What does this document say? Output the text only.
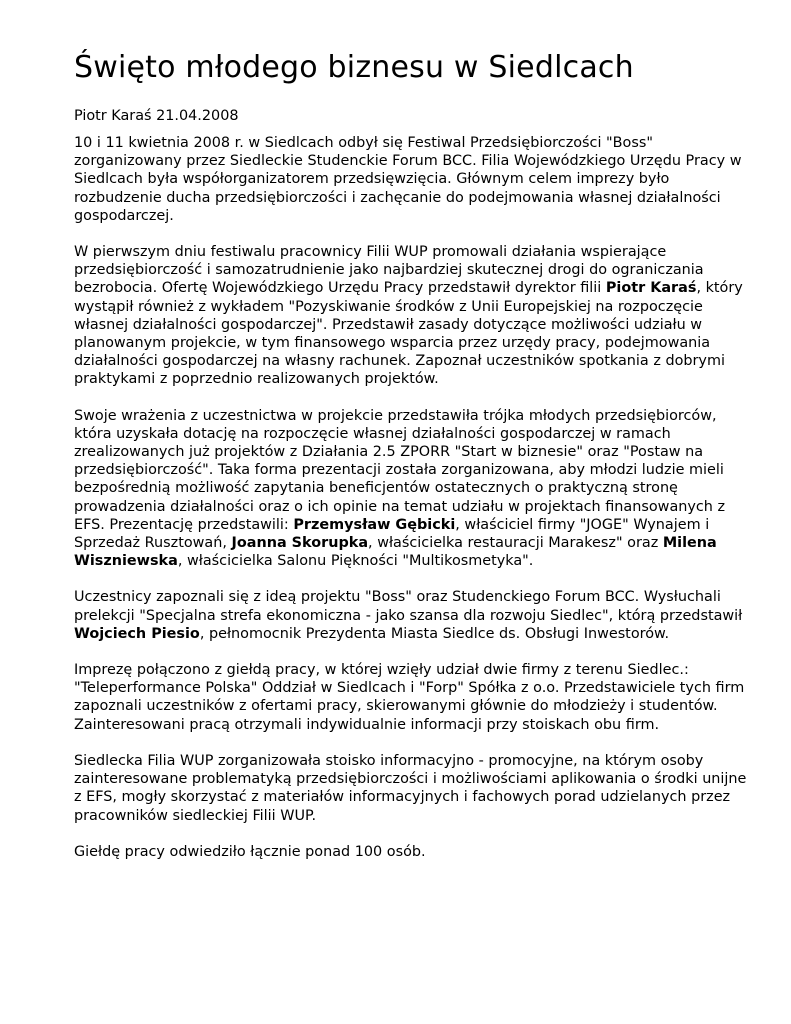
Święto młodego biznesu w Siedlcach
Piotr Karaś 21.04.2008

10 i 11 kwietnia 2008 r. w Siedlcach odbył się Festiwal Przedsiębiorczości "Boss" zorganizowany przez Siedleckie Studenckie Forum BCC. Filia Wojewódzkiego Urzędu Pracy w Siedlcach była współorganizatorem przedsięwzięcia. Głównym celem imprezy było rozbudzenie ducha przedsiębiorczości i zachęcanie do podejmowania własnej działalności gospodarczej.

W pierwszym dniu festiwalu pracownicy Filii WUP promowali działania wspierające przedsiębiorczość i samozatrudnienie jako najbardziej skutecznej drogi do ograniczania bezrobocia. Ofertę Wojewódzkiego Urzędu Pracy przedstawił dyrektor filii Piotr Karaś, który wystąpił również z wykładem "Pozyskiwanie środków z Unii Europejskiej na rozpoczęcie własnej działalności gospodarczej". Przedstawił zasady dotyczące możliwości udziału w planowanym projekcie, w tym finansowego wsparcia przez urzędy pracy, podejmowania działalności gospodarczej na własny rachunek. Zapoznał uczestników spotkania z dobrymi praktykami z poprzednio realizowanych projektów.

Swoje wrażenia z uczestnictwa w projekcie przedstawiła trójka młodych przedsiębiorców, która uzyskała dotację na rozpoczęcie własnej działalności gospodarczej w ramach zrealizowanych już projektów z Działania 2.5 ZPORR "Start w biznesie" oraz "Postaw na przedsiębiorczość". Taka forma prezentacji została zorganizowana, aby młodzi ludzie mieli bezpośrednią możliwość zapytania beneficjentów ostatecznych o praktyczną stronę prowadzenia działalności oraz o ich opinie na temat udziału w projektach finansowanych z EFS. Prezentację przedstawili: Przemysław Gębicki, właściciel firmy "JOGE" Wynajem i Sprzedaż Rusztowań, Joanna Skorupka, właścicielka restauracji Marakesz" oraz Milena Wiszniewska, właścicielka Salonu Piękności "Multikosmetyka".

Uczestnicy zapoznali się z ideą projektu "Boss" oraz Studenckiego Forum BCC. Wysłuchali prelekcji "Specjalna strefa ekonomiczna - jako szansa dla rozwoju Siedlec", którą przedstawił Wojciech Piesio, pełnomocnik Prezydenta Miasta Siedlce ds. Obsługi Inwestorów.

Imprezę połączono z giełdą pracy, w której wzięły udział dwie firmy z terenu Siedlec.: "Teleperformance Polska" Oddział w Siedlcach i "Forp" Spółka z o.o. Przedstawiciele tych firm zapoznali uczestników z ofertami pracy, skierowanymi głównie do młodzieży i studentów. Zainteresowani pracą otrzymali indywidualnie informacji przy stoiskach obu firm.

Siedlecka Filia WUP zorganizowała stoisko informacyjno - promocyjne, na którym osoby zainteresowane problematyką przedsiębiorczości i możliwościami aplikowania o środki unijne z EFS, mogły skorzystać z materiałów informacyjnych i fachowych porad udzielanych przez pracowników siedleckiej Filii WUP.

Giełdę pracy odwiedziło łącznie ponad 100 osób.
